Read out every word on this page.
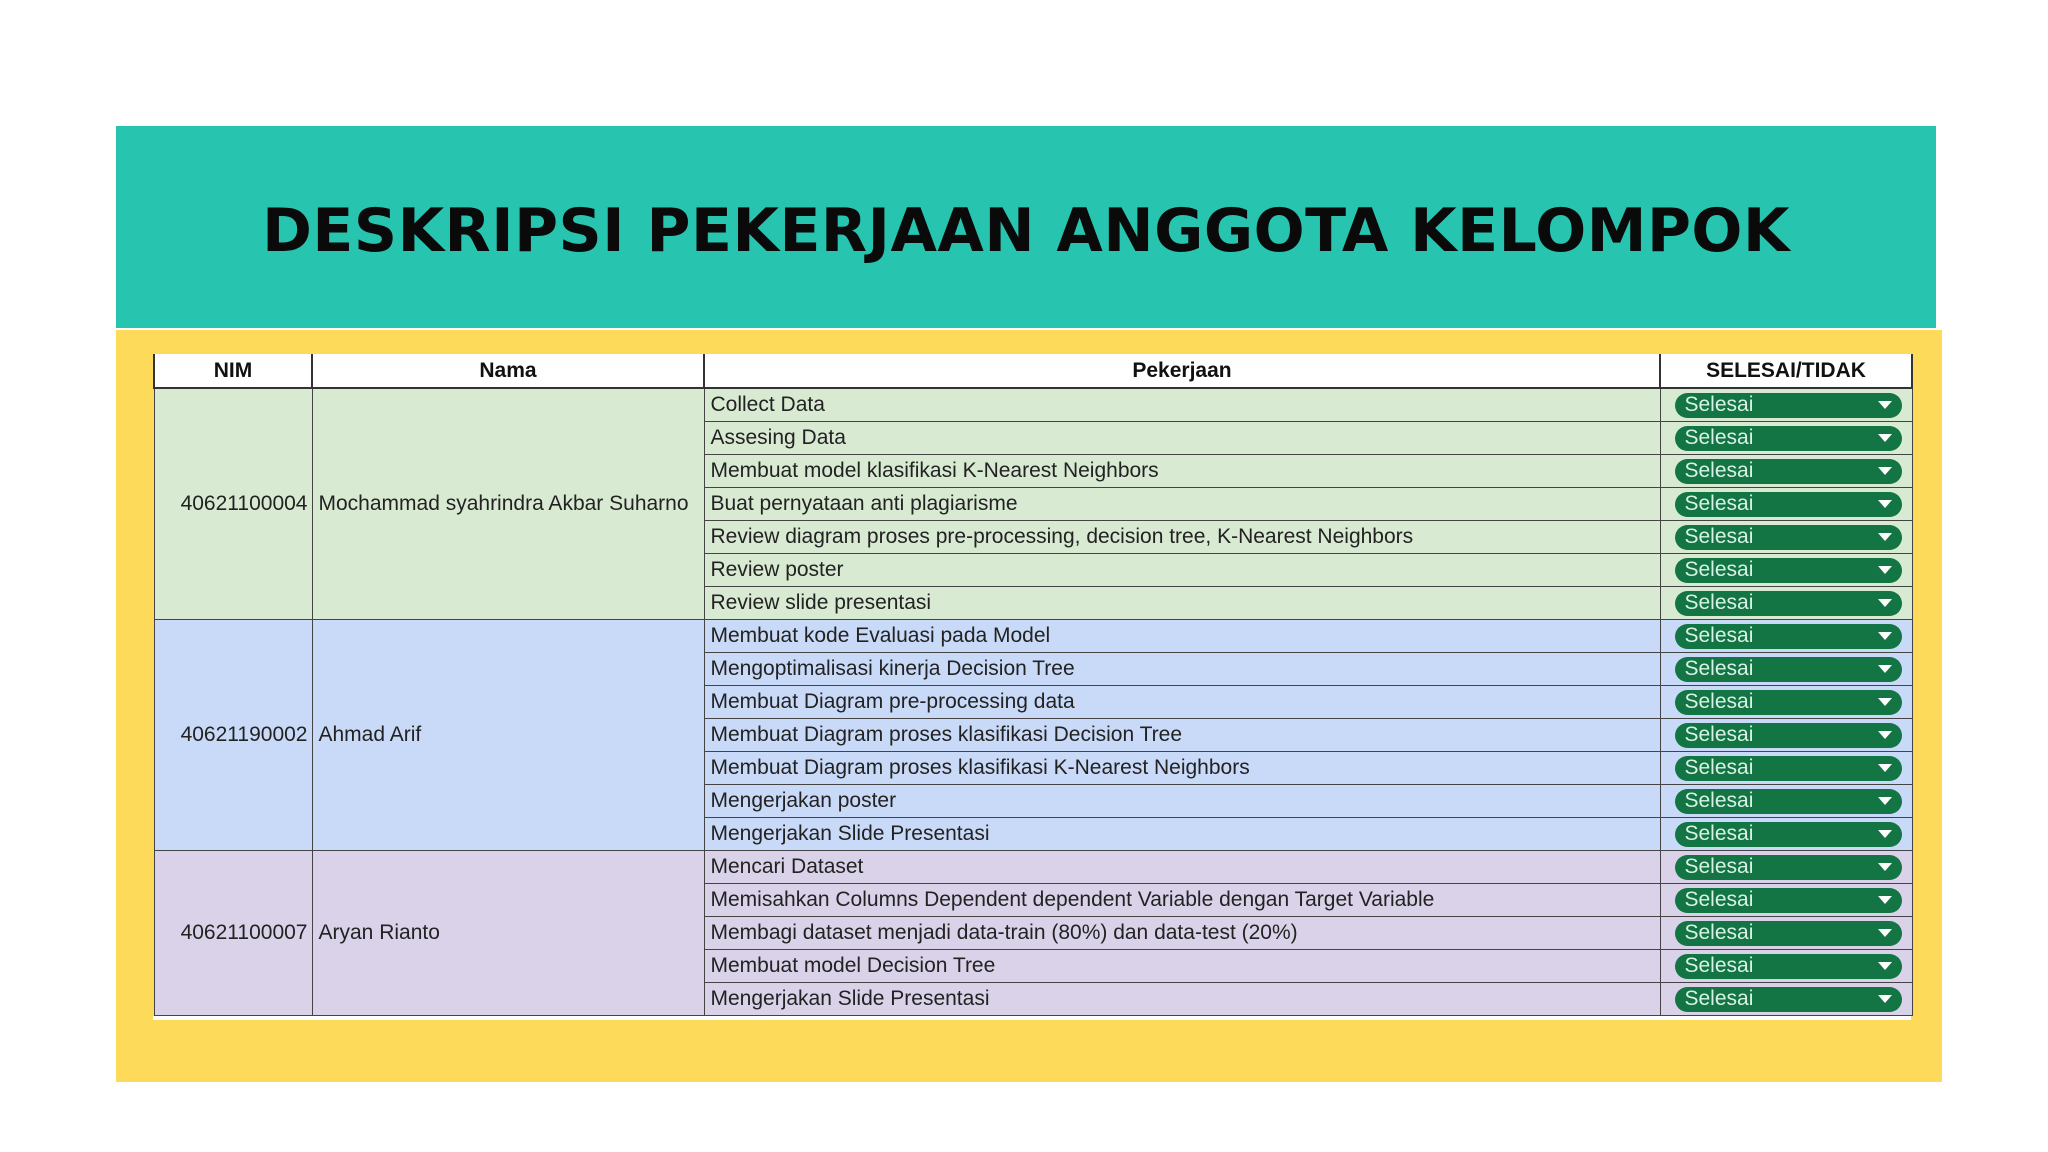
DESKRIPSI PEKERJAAN ANGGOTA KELOMPOK
NIM	Nama	Pekerjaan	SELESAI/TIDAK
40621100004	Mochammad syahrindra Akbar Suharno	Collect Data	Selesai

		Assesing Data	Selesai

		Membuat model klasifikasi K-Nearest Neighbors	Selesai

		Buat pernyataan anti plagiarisme	Selesai

		Review diagram proses pre-processing, decision tree, K-Nearest Neighbors	Selesai

		Review poster	Selesai

		Review slide presentasi	Selesai

40621190002	Ahmad Arif	Membuat kode Evaluasi pada Model	Selesai

		Mengoptimalisasi kinerja Decision Tree	Selesai

		Membuat Diagram pre-processing data	Selesai

		Membuat Diagram proses klasifikasi Decision Tree	Selesai

		Membuat Diagram proses klasifikasi K-Nearest Neighbors	Selesai

		Mengerjakan poster	Selesai

		Mengerjakan Slide Presentasi	Selesai

40621100007	Aryan Rianto	Mencari Dataset	Selesai

		Memisahkan Columns Dependent dependent Variable dengan Target Variable	Selesai

		Membagi dataset menjadi data-train (80%) dan data-test (20%)	Selesai

		Membuat model Decision Tree	Selesai

		Mengerjakan Slide Presentasi	Selesai
